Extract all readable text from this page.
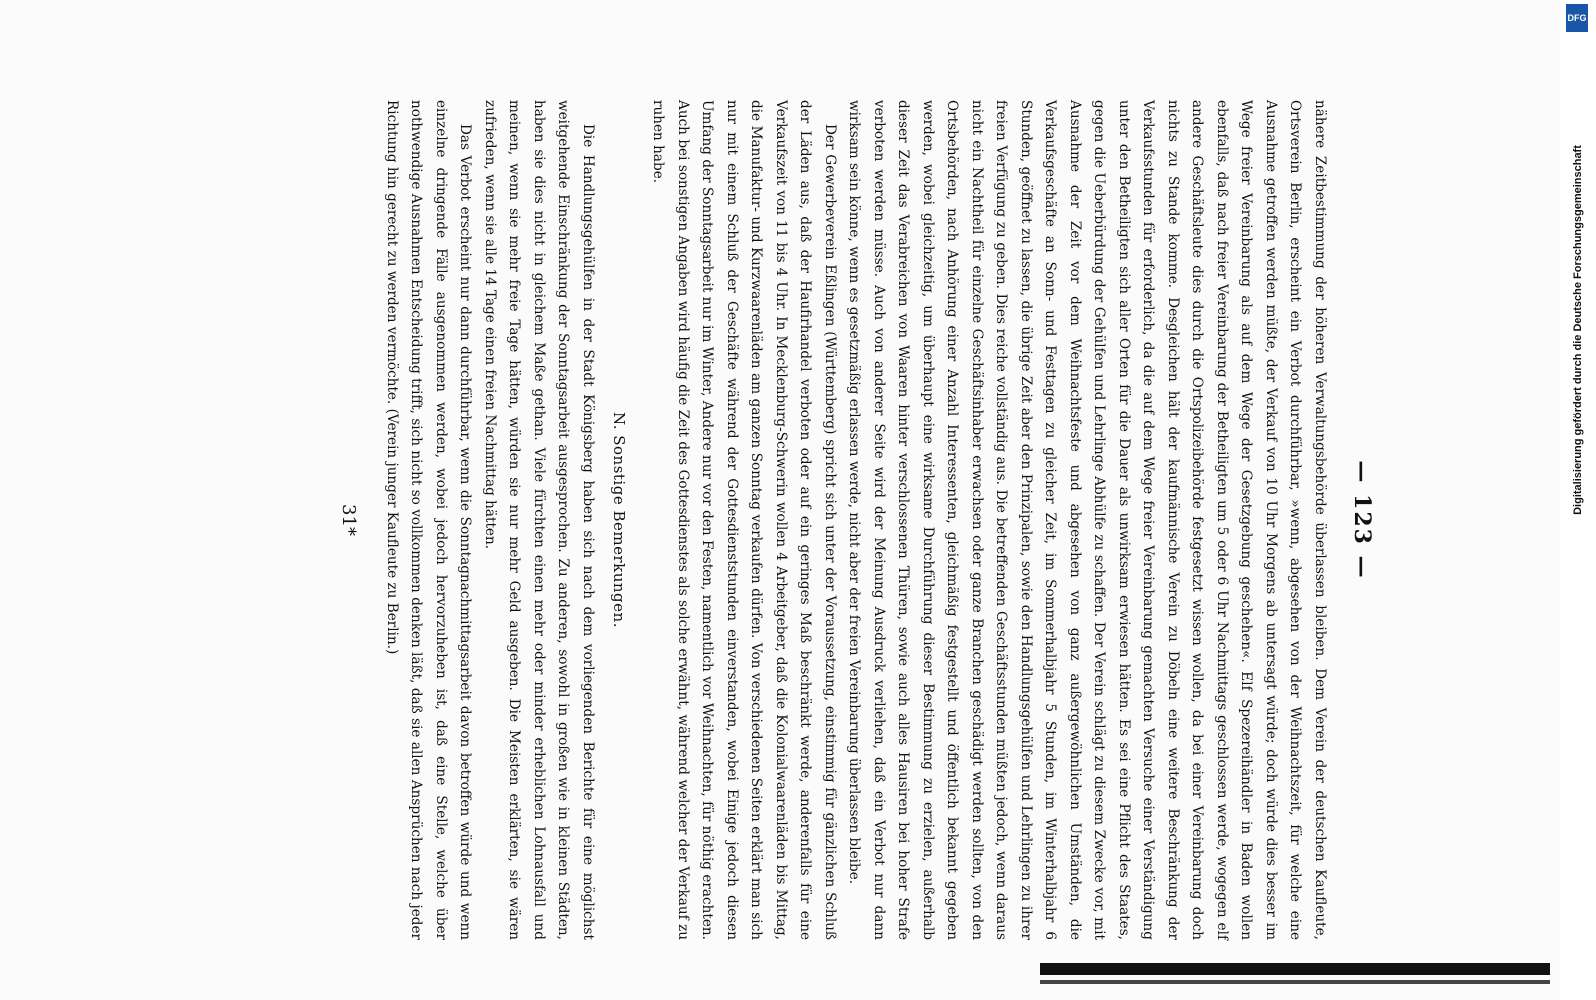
— 123 —

nähere Zeitbestimmung der höheren Verwaltungsbehörde überlassen bleiben. Dem Verein der deutschen Kaufleute, Ortsverein Berlin, erscheint ein Verbot durchführbar, »wenn, abgesehen von der Weihnachtszeit, für welche eine Ausnahme getroffen werden müßte, der Verkauf von 10 Uhr Morgens ab untersagt würde; doch würde dies besser im Wege freier Vereinbarung als auf dem Wege der Gesetzgebung geschehen«. Elf Spezereihändler in Baden wollen ebenfalls, daß nach freier Vereinbarung der Betheiligten um 5 oder 6 Uhr Nachmittags geschlossen werde, wogegen elf andere Geschäftsleute dies durch die Ortspolizeibehörde festgesetzt wissen wollen, da bei einer Vereinbarung doch nichts zu Stande komme. Desgleichen hält der kaufmännische Verein zu Döbeln eine weitere Beschränkung der Verkaufsstunden für erforderlich, da die auf dem Wege freier Vereinbarung gemachten Versuche einer Verständigung unter den Betheiligten sich aller Orten für die Dauer als unwirksam erwiesen hätten. Es sei eine Pflicht des Staates, gegen die Ueberbürdung der Gehülfen und Lehrlinge Abhülfe zu schaffen. Der Verein schlägt zu diesem Zwecke vor, mit Ausnahme der Zeit vor dem Weihnachtsfeste und abgesehen von ganz außergewöhnlichen Umständen, die Verkaufsgeschäfte an Sonn- und Festtagen zu gleicher Zeit, im Sommerhalbjahr 5 Stunden, im Winterhalbjahr 6 Stunden, geöffnet zu lassen, die übrige Zeit aber den Prinzipalen, sowie den Handlungsgehülfen und Lehrlingen zu ihrer freien Verfügung zu geben. Dies reiche vollständig aus. Die betreffenden Geschäftsstunden müßten jedoch, wenn daraus nicht ein Nachtheil für einzelne Geschäftsinhaber erwachsen oder ganze Branchen geschädigt werden sollten, von den Ortsbehörden, nach Anhörung einer Anzahl Interessenten, gleichmäßig festgestellt und öffentlich bekannt gegeben werden, wobei gleichzeitig, um überhaupt eine wirksame Durchführung dieser Bestimmung zu erzielen, außerhalb dieser Zeit das Verabreichen von Waaren hinter verschlossenen Thüren, sowie auch alles Hausiren bei hoher Strafe verboten werden müsse. Auch von anderer Seite wird der Meinung Ausdruck verliehen, daß ein Verbot nur dann wirksam sein könne, wenn es gesetzmäßig erlassen werde, nicht aber der freien Vereinbarung überlassen bleibe.

Der Gewerbeverein Eßlingen (Württemberg) spricht sich unter der Voraussetzung, einstimmig für gänzlichen Schluß der Läden aus, daß der Haufirhandel verboten oder auf ein geringes Maß beschränkt werde, anderenfalls für eine Verkaufszeit von 11 bis 4 Uhr. In Mecklenburg-Schwerin wollen 4 Arbeitgeber, daß die Kolonialwaarenläden bis Mittag, die Manufaktur- und Kurzwaarenläden am ganzen Sonntag verkaufen dürfen. Von verschiedenen Seiten erklärt man sich nur mit einem Schluß der Geschäfte während der Gottesdienststunden einverstanden, wobei Einige jedoch diesen Umfang der Sonntagsarbeit nur im Winter, Andere nur vor den Festen, namentlich vor Weihnachten, für nöthig erachten. Auch bei sonstigen Angaben wird häufig die Zeit des Gottesdienstes als solche erwähnt, während welcher der Verkauf zu ruhen habe.

N. Sonstige Bemerkungen.

Die Handlungsgehülfen in der Stadt Königsberg haben sich nach dem vorliegenden Berichte für eine möglichst weitgehende Einschränkung der Sonntagsarbeit ausgesprochen. Zu anderen, sowohl in großen wie in kleinen Städten, haben sie dies nicht in gleichem Maße gethan. Viele fürchten einen mehr oder minder erheblichen Lohnausfall und meinen, wenn sie mehr freie Tage hätten, würden sie nur mehr Geld ausgeben. Die Meisten erklärten, sie wären zufrieden, wenn sie alle 14 Tage einen freien Nachmittag hätten.

Das Verbot erscheint nur dann durchführbar, wenn die Sonntagnachmittagsarbeit davon betroffen würde und wenn einzelne dringende Fälle ausgenommen werden, wobei jedoch hervorzuheben ist, daß eine Stelle, welche über nothwendige Ausnahmen Entscheidung trifft, sich nicht so vollkommen denken läßt, daß sie allen Ansprüchen nach jeder Richtung hin gerecht zu werden vermöchte. (Verein junger Kaufleute zu Berlin.)

31*
DFG
Digitalisierung gefördert durch die Deutsche Forschungsgemeinschaft
